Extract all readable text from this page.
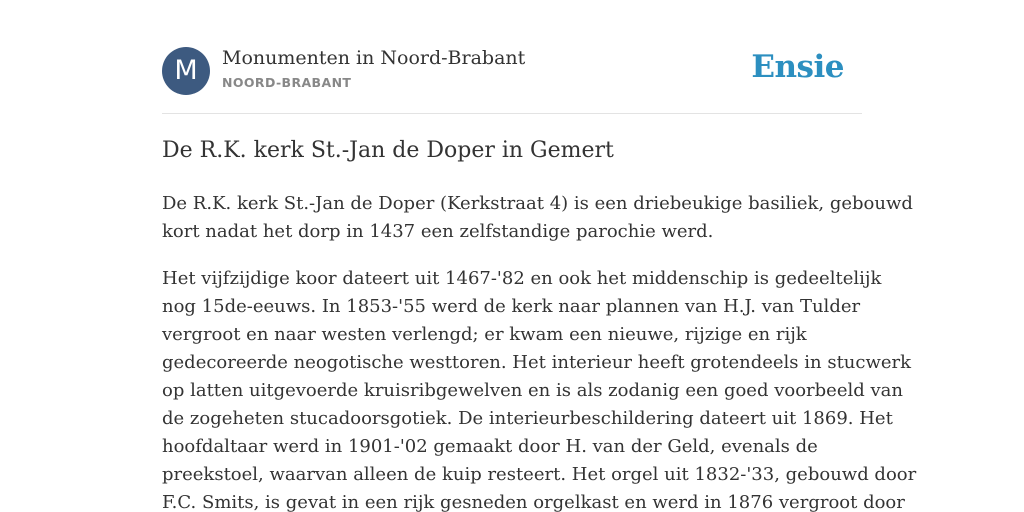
M	Monumenten in Noord-Brabant
NOORD-BRABANT	Ensie
De R.K. kerk St.-Jan de Doper in Gemert

De R.K. kerk St.-Jan de Doper (Kerkstraat 4) is een driebeukige basiliek, gebouwd
kort nadat het dorp in 1437 een zelfstandige parochie werd.

Het vijfzijdige koor dateert uit 1467-'82 en ook het middenschip is gedeeltelijk
nog 15de-eeuws. In 1853-'55 werd de kerk naar plannen van H.J. van Tulder
vergroot en naar westen verlengd; er kwam een nieuwe, rijzige en rijk
gedecoreerde neogotische westtoren. Het interieur heeft grotendeels in stucwerk
op latten uitgevoerde kruisribgewelven en is als zodanig een goed voorbeeld van
de zogeheten stucadoorsgotiek. De interieurbeschildering dateert uit 1869. Het
hoofdaltaar werd in 1901-'02 gemaakt door H. van der Geld, evenals de
preekstoel, waarvan alleen de kuip resteert. Het orgel uit 1832-'33, gebouwd door
F.C. Smits, is gevat in een rijk gesneden orgelkast en werd in 1876 vergroot door
